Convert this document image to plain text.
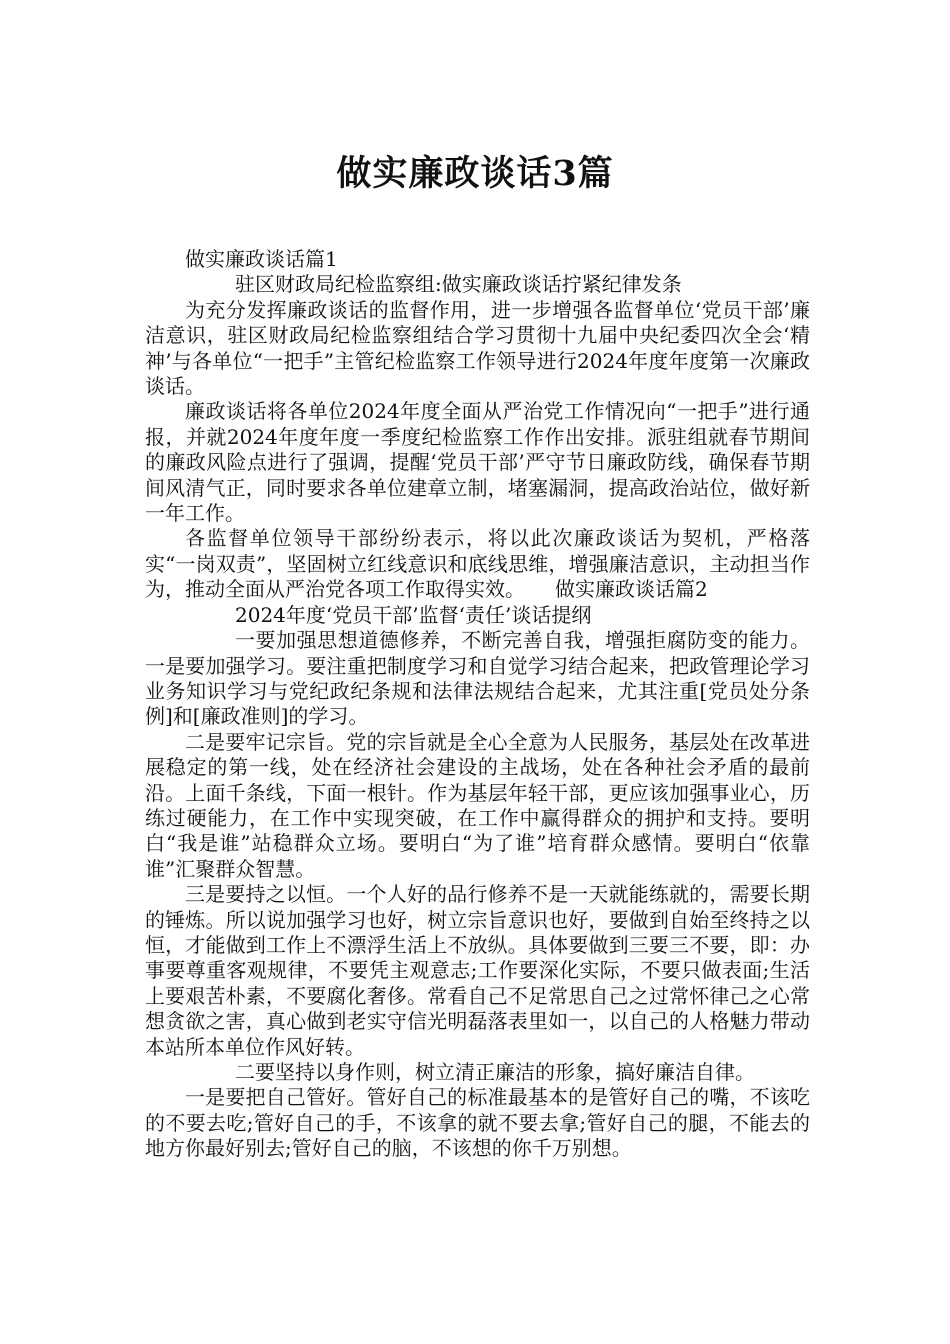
做实廉政谈话3篇

做实廉政谈话篇1

驻区财政局纪检监察组:做实廉政谈话拧紧纪律发条

为充分发挥廉政谈话的监督作用，进一步增强各监督单位‘党员干部’廉洁意识，驻区财政局纪检监察组结合学习贯彻十九届中央纪委四次全会‘精神’与各单位“一把手”主管纪检监察工作领导进行2024年度年度第一次廉政谈话。

廉政谈话将各单位2024年度全面从严治党工作情况向“一把手”进行通报，并就2024年度年度一季度纪检监察工作作出安排。派驻组就春节期间的廉政风险点进行了强调，提醒‘党员干部’严守节日廉政防线，确保春节期间风清气正，同时要求各单位建章立制，堵塞漏洞，提高政治站位，做好新一年工作。

各监督单位领导干部纷纷表示，将以此次廉政谈话为契机，严格落实“一岗双责”，坚固树立红线意识和底线思维，增强廉洁意识，主动担当作为，推动全面从严治党各项工作取得实效。　　做实廉政谈话篇2

2024年度‘党员干部’监督‘责任’谈话提纲

一要加强思想道德修养，不断完善自我，增强拒腐防变的能力。一是要加强学习。要注重把制度学习和自觉学习结合起来，把政管理论学习业务知识学习与党纪政纪条规和法律法规结合起来，尤其注重[党员处分条例]和[廉政准则]的学习。

二是要牢记宗旨。党的宗旨就是全心全意为人民服务，基层处在改革进展稳定的第一线，处在经济社会建设的主战场，处在各种社会矛盾的最前沿。上面千条线，下面一根针。作为基层年轻干部，更应该加强事业心，历练过硬能力，在工作中实现突破，在工作中赢得群众的拥护和支持。要明白“我是谁”站稳群众立场。要明白“为了谁”培育群众感情。要明白“依靠谁”汇聚群众智慧。

三是要持之以恒。一个人好的品行修养不是一天就能练就的，需要长期的锤炼。所以说加强学习也好，树立宗旨意识也好，要做到自始至终持之以恒，才能做到工作上不漂浮生活上不放纵。具体要做到三要三不要，即：办事要尊重客观规律，不要凭主观意志;工作要深化实际，不要只做表面;生活上要艰苦朴素，不要腐化奢侈。常看自己不足常思自己之过常怀律己之心常想贪欲之害，真心做到老实守信光明磊落表里如一，以自己的人格魅力带动本站所本单位作风好转。

二要坚持以身作则，树立清正廉洁的形象，搞好廉洁自律。

一是要把自己管好。管好自己的标准最基本的是管好自己的嘴，不该吃的不要去吃;管好自己的手，不该拿的就不要去拿;管好自己的腿，不能去的地方你最好别去;管好自己的脑，不该想的你千万别想。
